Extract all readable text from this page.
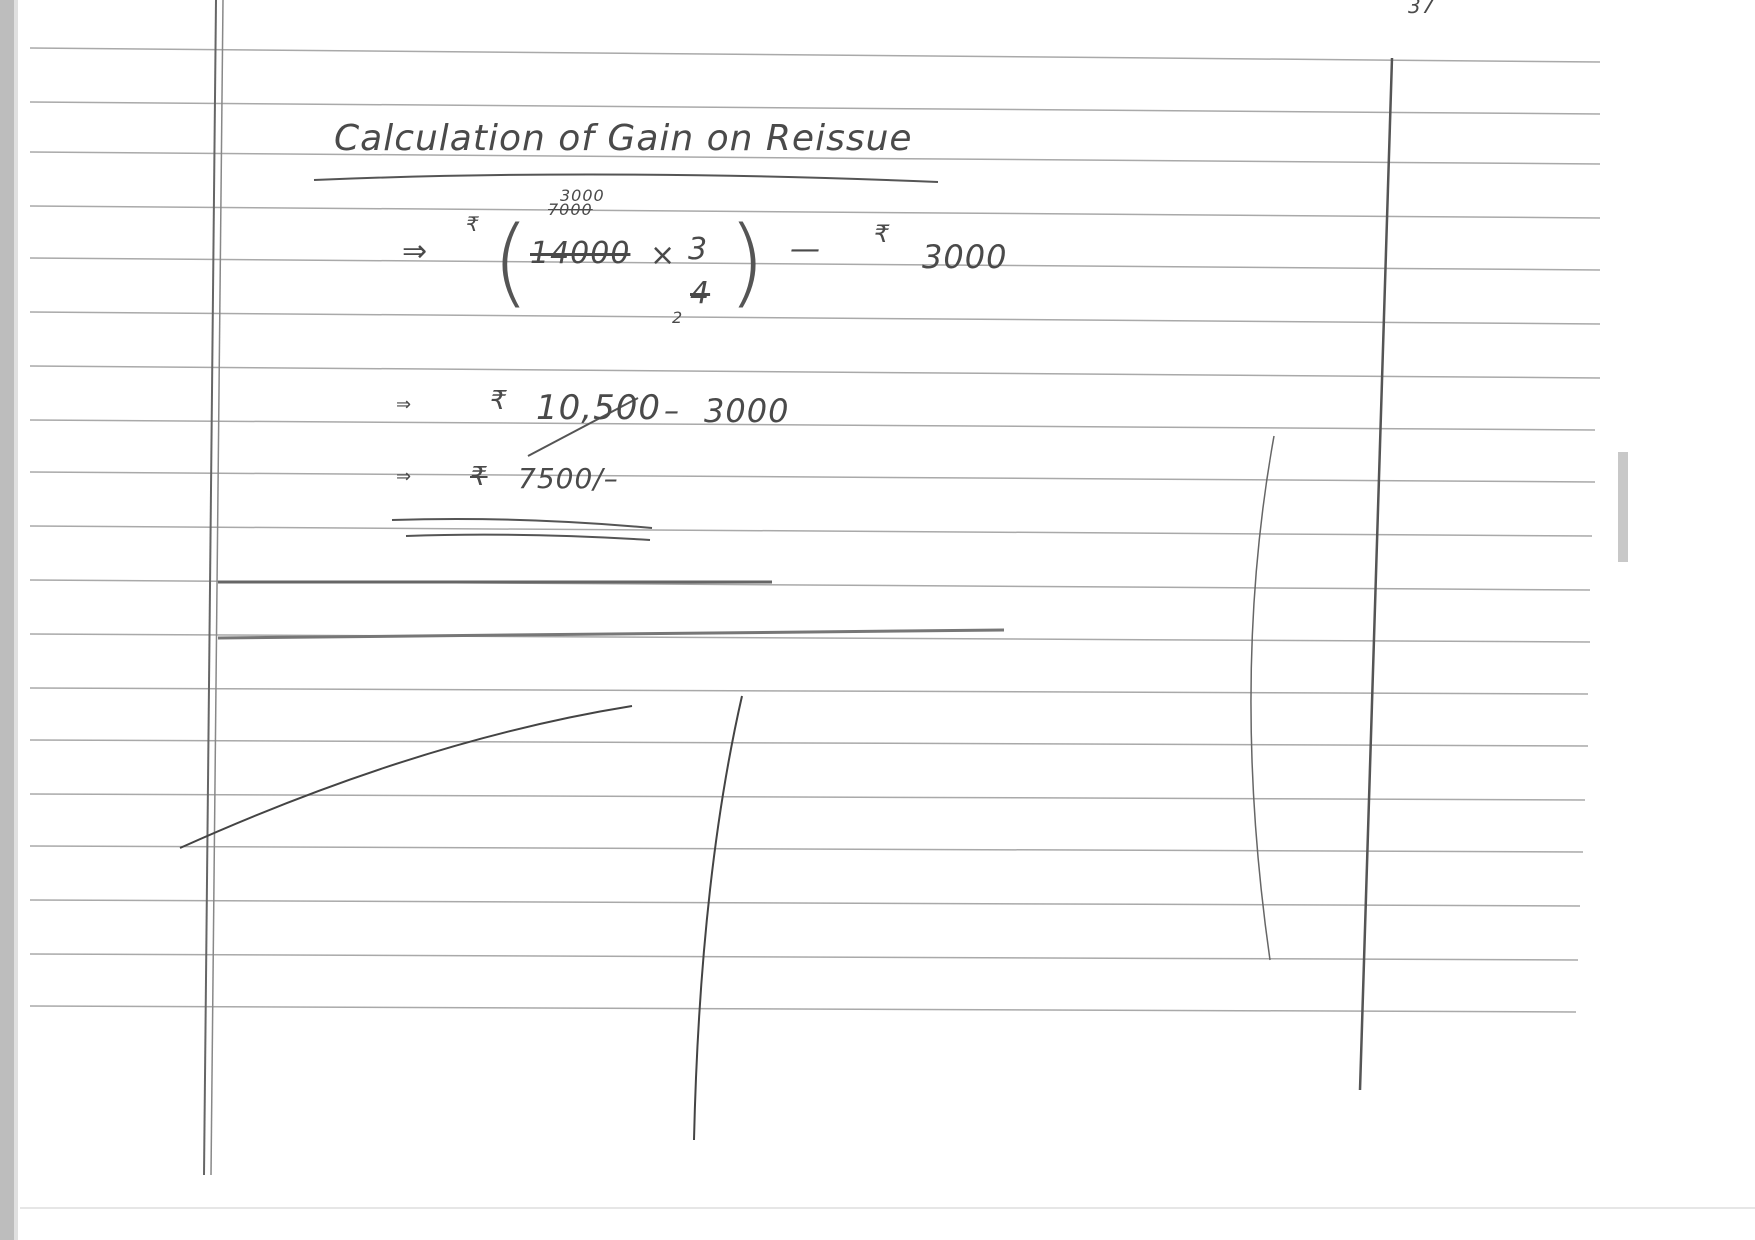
37
Calculation of Gain on Reissue
⇒
₹ (
3000
7000
14000 × 3
4
2 ) — ₹
3000
⇒	₹ 10,500 – 3000
⇒ ₹ 7500/–
